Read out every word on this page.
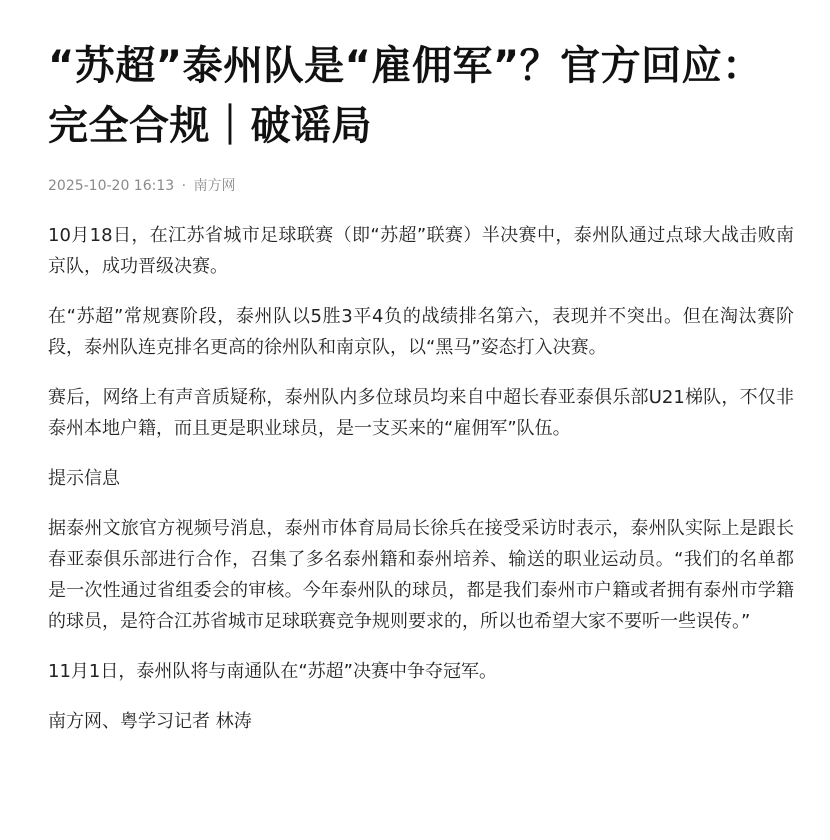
“苏超”泰州队是“雇佣军”？官方回应：完全合规｜破谣局
2025-10-20 16:13 · 南方网

10月18日，在江苏省城市足球联赛（即“苏超”联赛）半决赛中，泰州队通过点球大战击败南京队，成功晋级决赛。

在“苏超”常规赛阶段，泰州队以5胜3平4负的战绩排名第六，表现并不突出。但在淘汰赛阶段，泰州队连克排名更高的徐州队和南京队，以“黑马”姿态打入决赛。

赛后，网络上有声音质疑称，泰州队内多位球员均来自中超长春亚泰俱乐部U21梯队，不仅非泰州本地户籍，而且更是职业球员，是一支买来的“雇佣军”队伍。

提示信息

据泰州文旅官方视频号消息，泰州市体育局局长徐兵在接受采访时表示，泰州队实际上是跟长春亚泰俱乐部进行合作，召集了多名泰州籍和泰州培养、输送的职业运动员。“我们的名单都是一次性通过省组委会的审核。今年泰州队的球员，都是我们泰州市户籍或者拥有泰州市学籍的球员，是符合江苏省城市足球联赛竞争规则要求的，所以也希望大家不要听一些误传。”

11月1日，泰州队将与南通队在“苏超”决赛中争夺冠军。

南方网、粤学习记者 林涛
